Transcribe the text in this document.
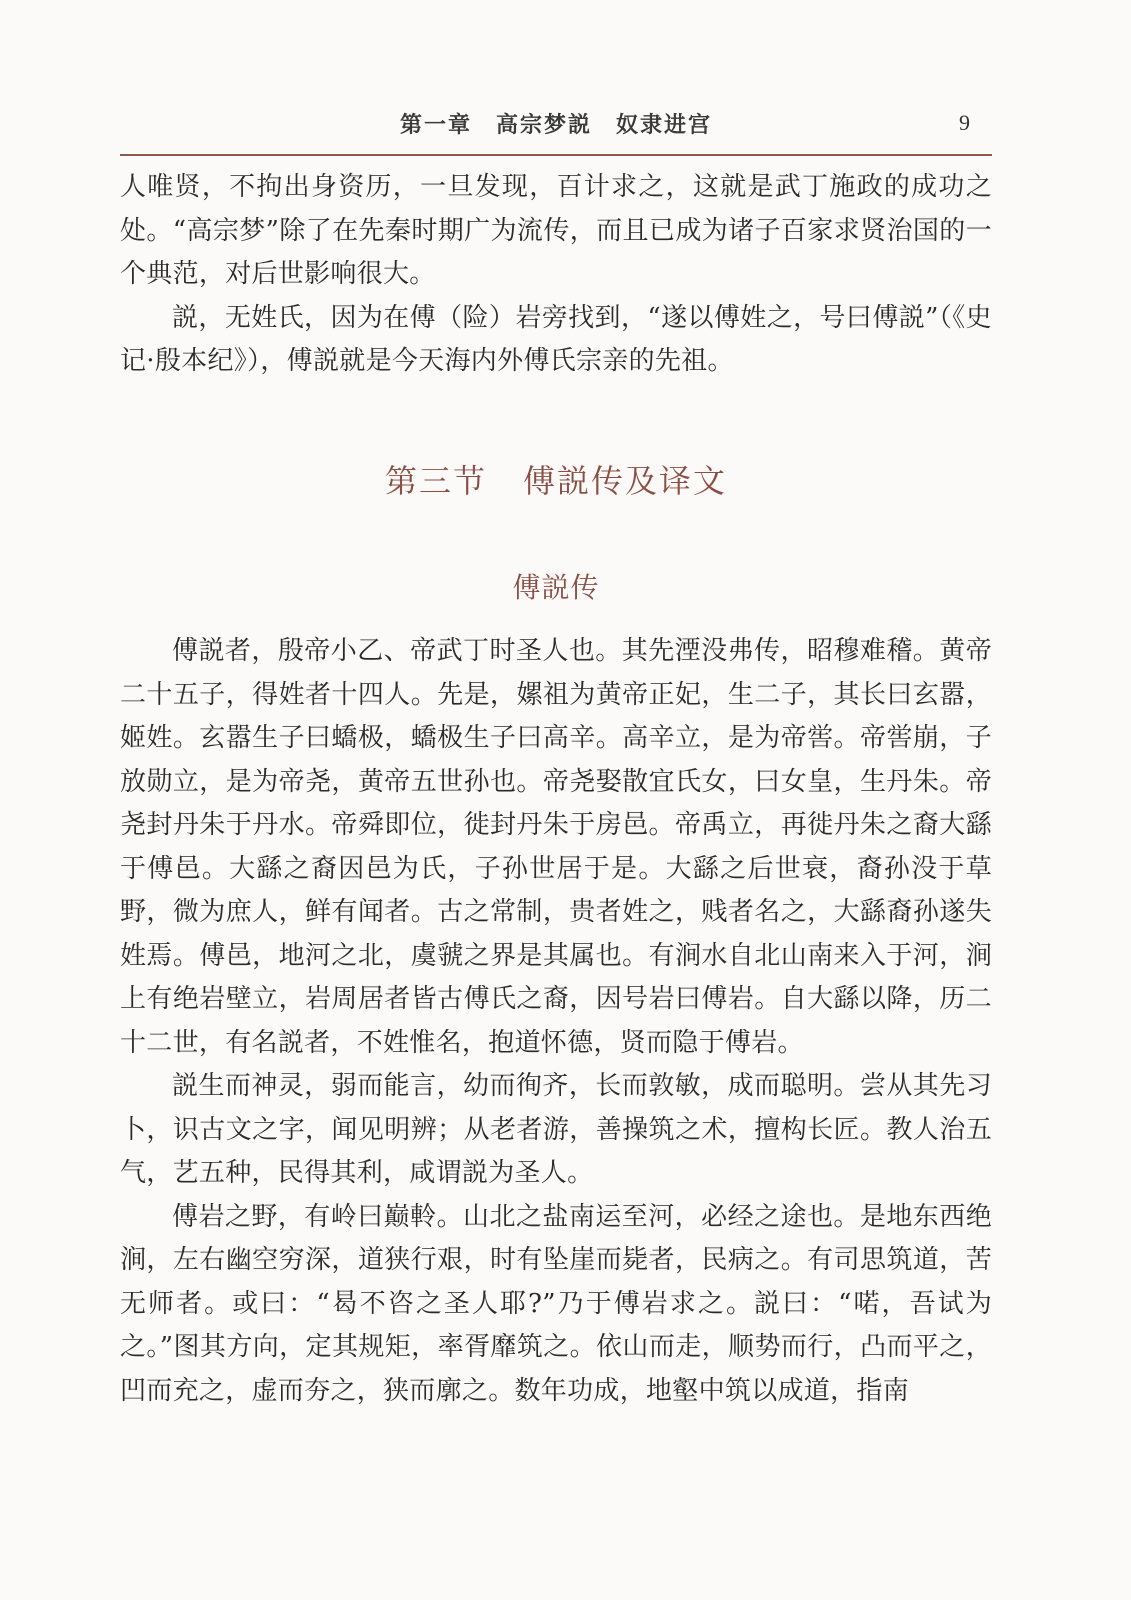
第一章　高宗梦説　奴隶进宫	9

人唯贤，不拘出身资历，一旦发现，百计求之，这就是武丁施政的成功之处。“高宗梦”除了在先秦时期广为流传，而且已成为诸子百家求贤治国的一个典范，对后世影响很大。

説，无姓氏，因为在傅（险）岩旁找到，“遂以傅姓之，号曰傅説”（《史记·殷本纪》），傅説就是今天海内外傅氏宗亲的先祖。

第三节 傅説传及译文
傅説传

傅説者，殷帝小乙、帝武丁时圣人也。其先湮没弗传，昭穆难稽。黄帝二十五子，得姓者十四人。先是，嫘祖为黄帝正妃，生二子，其长曰玄嚣，姬姓。玄嚣生子曰蟜极，蟜极生子曰高辛。高辛立，是为帝喾。帝喾崩，子放勋立，是为帝尧，黄帝五世孙也。帝尧娶散宜氏女，曰女皇，生丹朱。帝尧封丹朱于丹水。帝舜即位，徙封丹朱于房邑。帝禹立，再徙丹朱之裔大繇于傅邑。大繇之裔因邑为氏，子孙世居于是。大繇之后世衰，裔孙没于草野，微为庶人，鲜有闻者。古之常制，贵者姓之，贱者名之，大繇裔孙遂失姓焉。傅邑，地河之北，虞虢之界是其属也。有涧水自北山南来入于河，涧上有绝岩壁立，岩周居者皆古傅氏之裔，因号岩曰傅岩。自大繇以降，历二十二世，有名説者，不姓惟名，抱道怀德，贤而隐于傅岩。

説生而神灵，弱而能言，幼而徇齐，长而敦敏，成而聪明。尝从其先习卜，识古文之字，闻见明辨；从老者游，善操筑之术，擅构长匠。教人治五气，艺五种，民得其利，咸谓説为圣人。

傅岩之野，有岭曰巅軨。山北之盐南运至河，必经之途也。是地东西绝涧，左右幽空穷深，道狭行艰，时有坠崖而毙者，民病之。有司思筑道，苦无师者。或曰：“曷不咨之圣人耶?”乃于傅岩求之。説曰：“喏，吾试为之。”图其方向，定其规矩，率胥靡筑之。依山而走，顺势而行，凸而平之，凹而充之，虚而夯之，狭而廓之。数年功成，地壑中筑以成道，指南
